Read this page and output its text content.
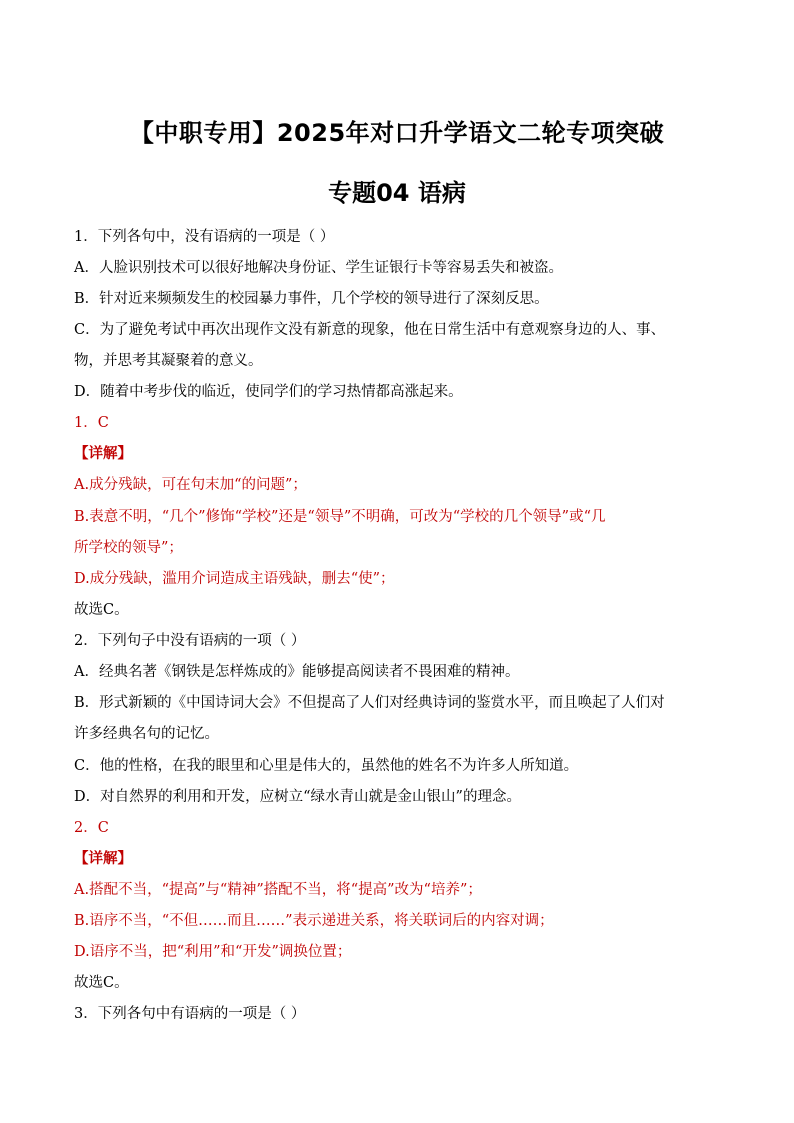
【中职专用】2025年对口升学语文二轮专项突破
专题04 语病
1．下列各句中，没有语病的一项是（ ）
A．人脸识别技术可以很好地解决身份证、学生证银行卡等容易丢失和被盗。
B．针对近来频频发生的校园暴力事件，几个学校的领导进行了深刻反思。
C．为了避免考试中再次出现作文没有新意的现象，他在日常生活中有意观察身边的人、事、
物，并思考其凝聚着的意义。
D．随着中考步伐的临近，使同学们的学习热情都高涨起来。
1．C
【详解】
A.成分残缺，可在句末加“的问题”；
B.表意不明，“几个”修饰“学校”还是“领导”不明确，可改为“学校的几个领导”或“几
所学校的领导”；
D.成分残缺，滥用介词造成主语残缺，删去“使”；
故选C。
2．下列句子中没有语病的一项（ ）
A．经典名著《钢铁是怎样炼成的》能够提高阅读者不畏困难的精神。
B．形式新颖的《中国诗词大会》不但提高了人们对经典诗词的鉴赏水平，而且唤起了人们对
许多经典名句的记忆。
C．他的性格，在我的眼里和心里是伟大的，虽然他的姓名不为许多人所知道。
D．对自然界的利用和开发，应树立“绿水青山就是金山银山”的理念。
2．C
【详解】
A.搭配不当，“提高”与“精神”搭配不当，将“提高”改为“培养”；
B.语序不当，“不但……而且……”表示递进关系，将关联词后的内容对调；
D.语序不当，把“利用”和“开发”调换位置；
故选C。
3．下列各句中有语病的一项是（ ）
